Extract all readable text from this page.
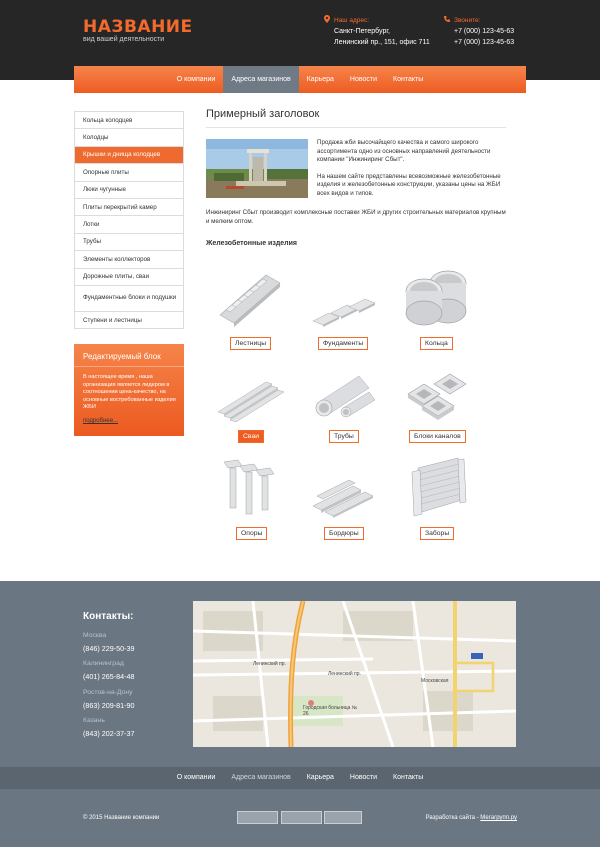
НАЗВАНИЕ
вид вашей деятельности
Наш адрес:
Санкт-Петербург,
Ленинский пр., 151, офис 711
Звоните:
+7 (000) 123-45-63
+7 (000) 123-45-63
О компании	Адреса магазинов	Карьера	Новости	Контакты
Кольца колодцев
Колодцы
Крышки и днища колодцев
Опорные плиты
Люки чугунные
Плиты перекрытий камер
Лотки
Трубы
Элементы коллекторов
Дорожные плиты, сваи
Фундаментные блоки и подушки
Ступени и лестницы
Редактируемый блок
В настоящее время , наша организация является лидером в соотношении цена-качество, на основные востребованные изделия ЖБИ
подробнее...
Примерный заголовок

Продажа жби высочайщего качества и самого широкого ассортимента одно из основных направлений деятельности компании "Инжиниринг Сбыт".

На нашем сайте представлены всевозможные железобетонные изделия и железобетонные конструкции, указаны цены на ЖБИ всех видов и типов.

Инжиниринг Сбыт производит комплексные поставки ЖБИ и других строительных материалов крупным и мелким оптом.
Железобетонные изделия
Лестницы	Фундаменты	Кольца
Сваи	Трубы	Блоки каналов
Опоры	Бордюры	Заборы
Контакты:
Москва
(846) 229-50-39
Калининград
(401) 265-84-48
Ростов-на-Дону
(863) 209-81-90
Казань
(843) 202-37-37
Ленинский пр.
Ленинский пр.
Московская
Городская больница № 26
О компании	Адреса магазинов	Карьера	Новости	Контакты
© 2015 Название компании	Разработка сайта - Мегагрупп.ру
